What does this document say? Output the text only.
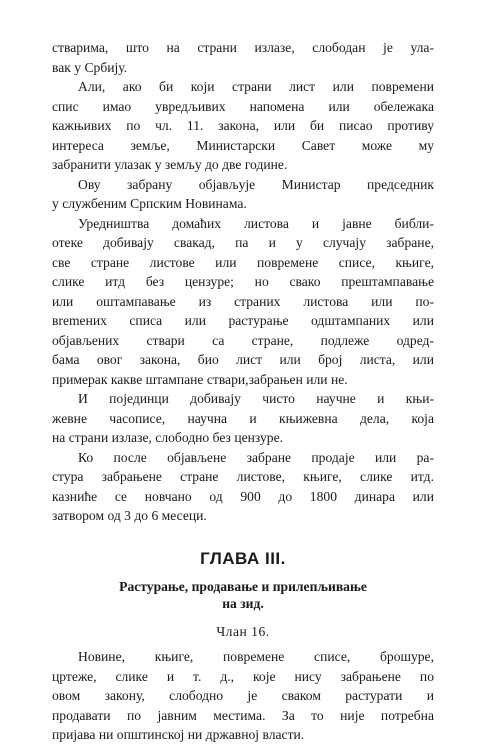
стварима, што на страни излазе, слободан је ула-
вак у Србију.

Али, ако би који страни лист или повремени
спис имао увредљивих напомена или обележака
кажњивих по чл. 11. закона, или би писао противу
интереса земље, Министарски Савет може му
забранити улазак у земљу до две године.

Ову забрану објављује Министар председник
у службеним Српским Новинама.

Уредништва домаћих листова и јавне библи-
отеке добивају свакад, па и у случају забране,
све стране листове или повремене списе, књиге,
слике итд без цензуре; но свако прештампавање
или оштампавање из страних листова или по-
вremених списа или растурање одштампаних или
објављених ствари са стране, подлеже одред-
бама овог закона, био лист или број листа, или
примерак какве штампане ствари,забрањен или не.

И појединци добивају чисто научне и књи-
жевне часописе, научна и књижевна дела, која
на страни излазе, слободно без цензуре.

Ко после објављене забране продаје или ра-
стура забрањене стране листове, књиге, слике итд.
казниће се новчано од 900 до 1800 динара или
затвором од 3 до 6 месеци.

ГЛАВА III.
Растурање, продавање и прилепљивање
на зид.
Члан 16.

Новине, књиге, повремене списе, брошуре,
цртеже, слике и т. д., које нису забрањене по
овом закону, слободно је сваком растурати и
продавати по јавним местима. За то није потребна
пријава ни општинској ни државној власти.
